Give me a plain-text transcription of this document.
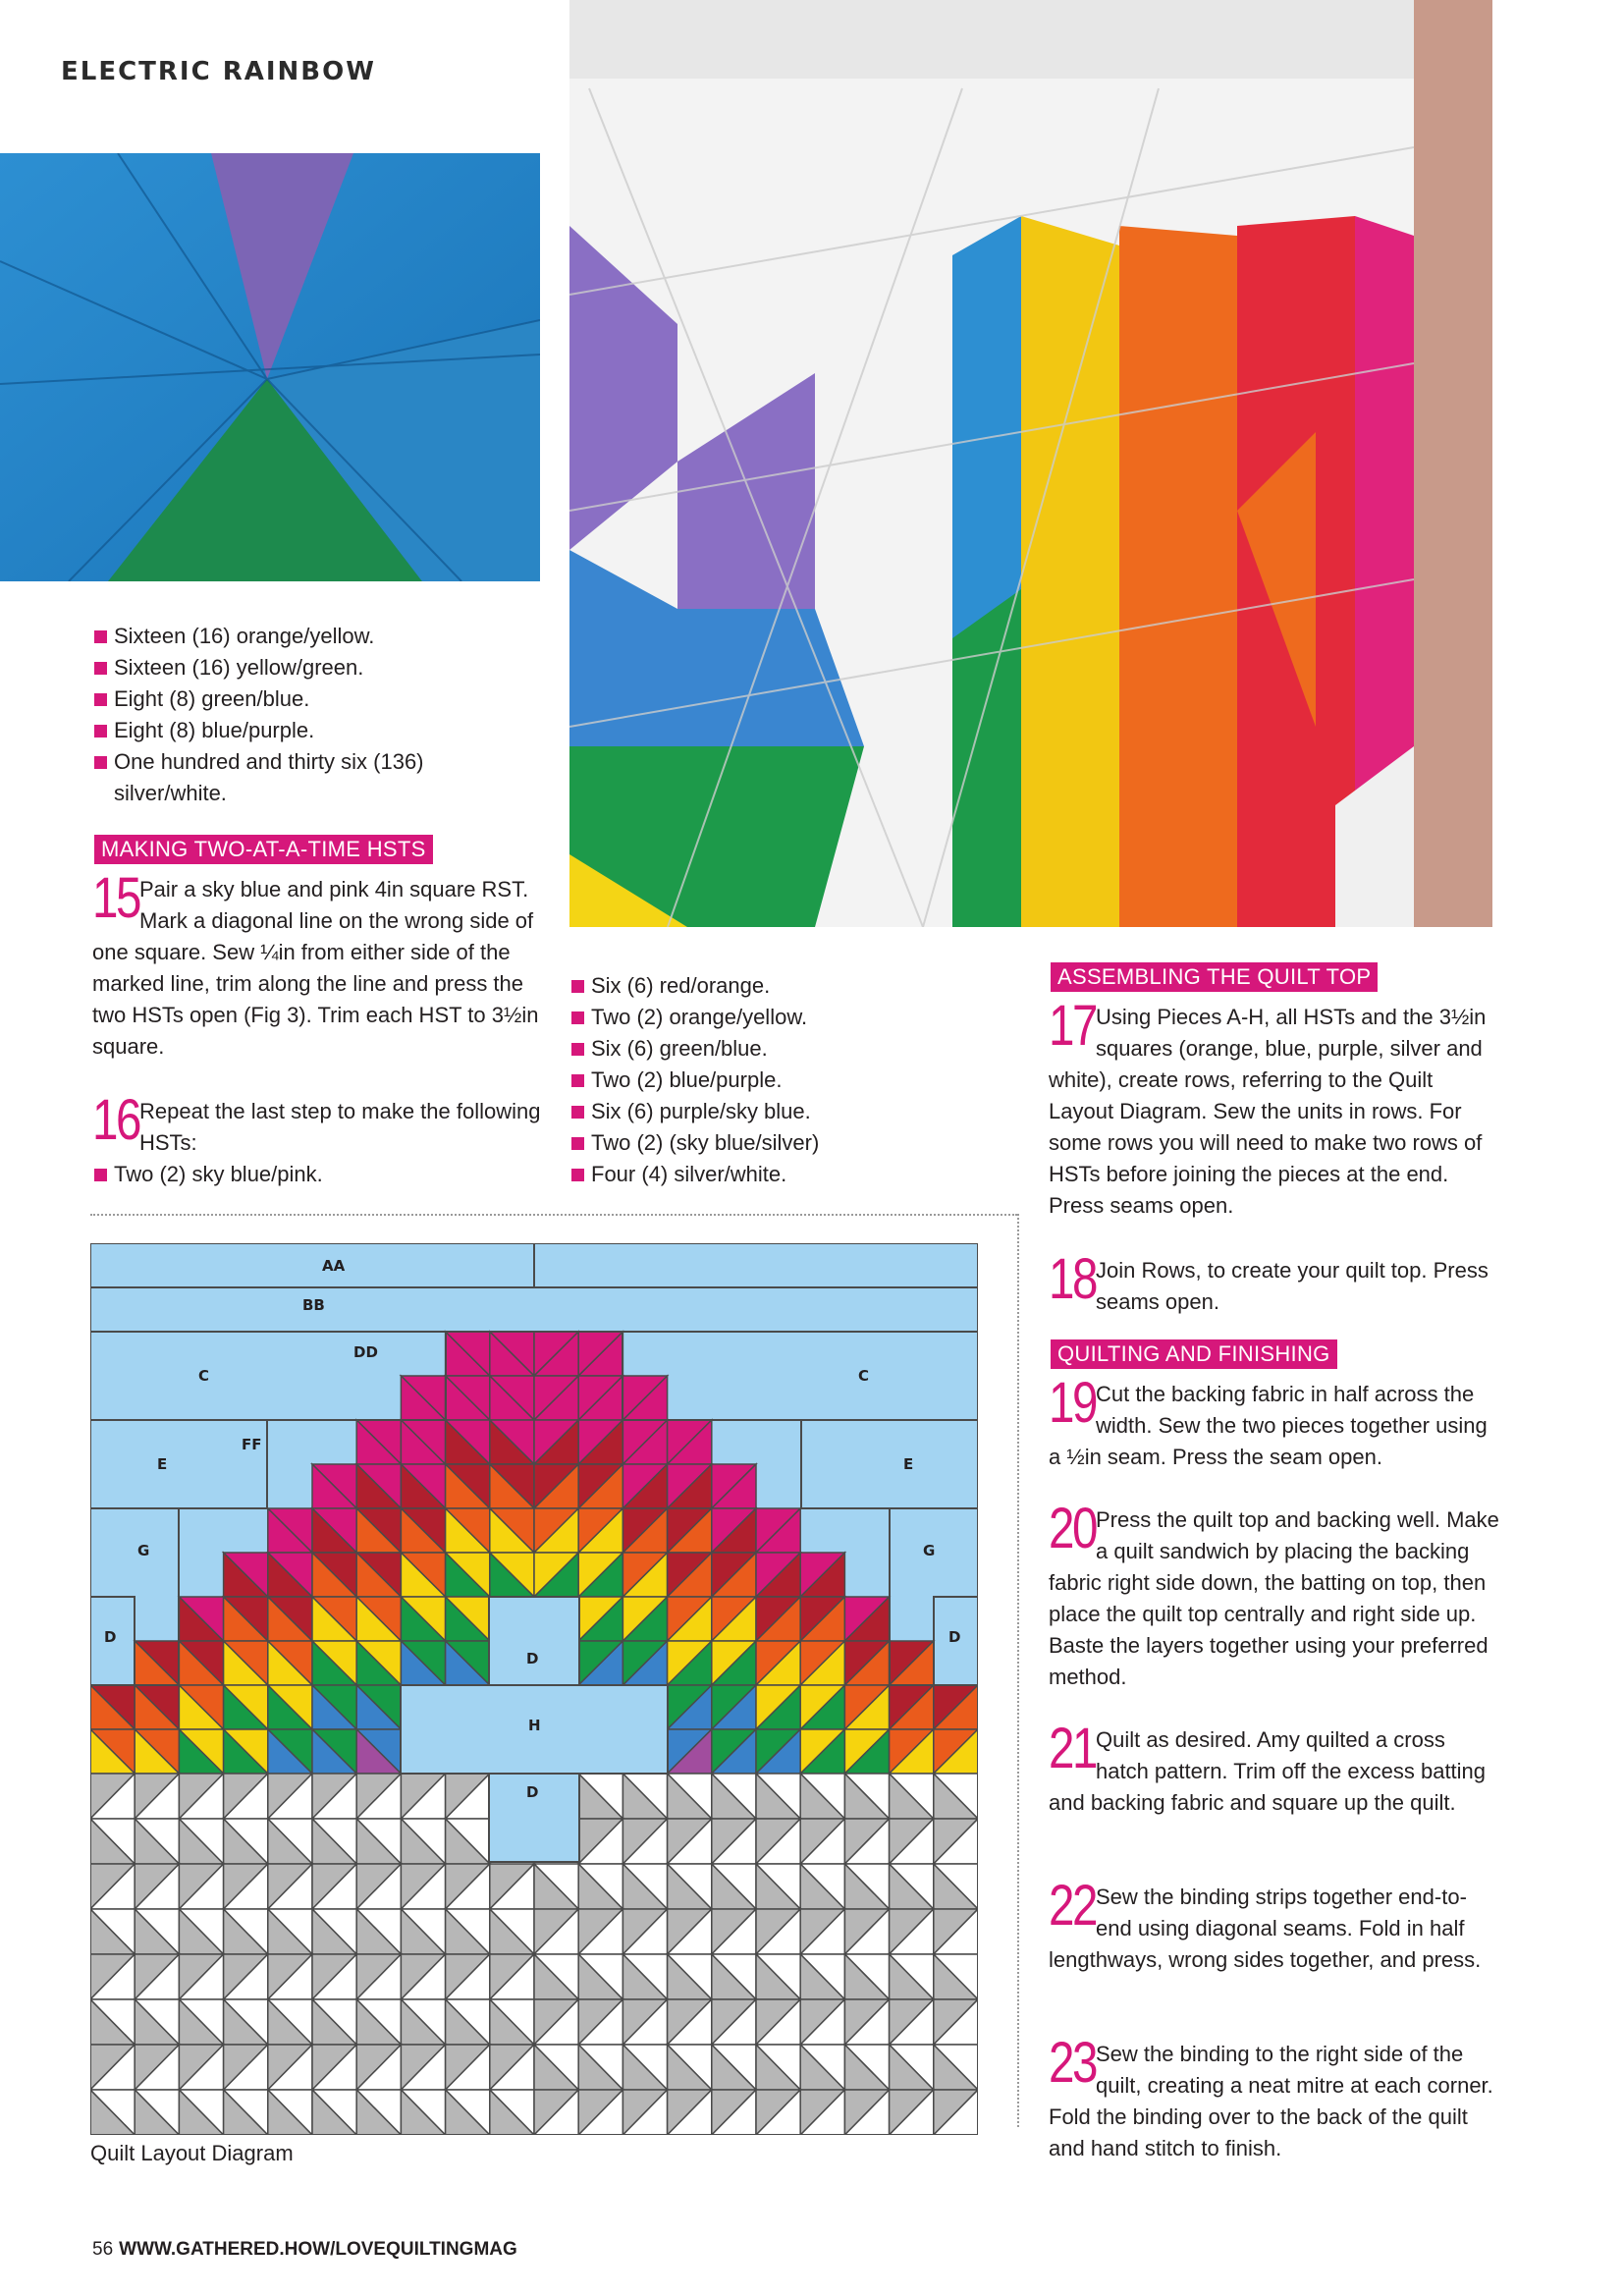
ELECTRIC RAINBOW
Sixteen (16) orange/yellow.
Sixteen (16) yellow/green.
Eight (8) green/blue.
Eight (8) blue/purple.
One hundred and thirty six (136) silver/white.
MAKING TWO-AT-A-TIME HSTS
15 Pair a sky blue and pink 4in square RST. Mark a diagonal line on the wrong side of one square. Sew ¼in from either side of the marked line, trim along the line and press the two HSTs open (Fig 3). Trim each HST to 3½in square.
16 Repeat the last step to make the following HSTs:
Two (2) sky blue/pink.
Six (6) red/orange.
Two (2) orange/yellow.
Six (6) green/blue.
Two (2) blue/purple.
Six (6) purple/sky blue.
Two (2) (sky blue/silver)
Four (4) silver/white.
ASSEMBLING THE QUILT TOP
17 Using Pieces A-H, all HSTs and the 3½in squares (orange, blue, purple, silver and white), create rows, referring to the Quilt Layout Diagram. Sew the units in rows. For some rows you will need to make two rows of HSTs before joining the pieces at the end. Press seams open.
18 Join Rows, to create your quilt top. Press seams open.
QUILTING AND FINISHING
19 Cut the backing fabric in half across the width. Sew the two pieces together using a ½in seam. Press the seam open.
20 Press the quilt top and backing well. Make a quilt sandwich by placing the backing fabric right side down, the batting on top, then place the quilt top centrally and right side up. Baste the layers together using your preferred method.
21 Quilt as desired. Amy quilted a cross hatch pattern. Trim off the excess batting and backing fabric and square up the quilt.
22 Sew the binding strips together end-to-end using diagonal seams. Fold in half lengthways, wrong sides together, and press.
23 Sew the binding to the right side of the quilt, creating a neat mitre at each corner. Fold the binding over to the back of the quilt and hand stitch to finish.
AA
BB
DD
C	C
FF
E	E
G	G
D	D
D
H
D
Quilt Layout Diagram
56 WWW.GATHERED.HOW/LOVEQUILTINGMAG
